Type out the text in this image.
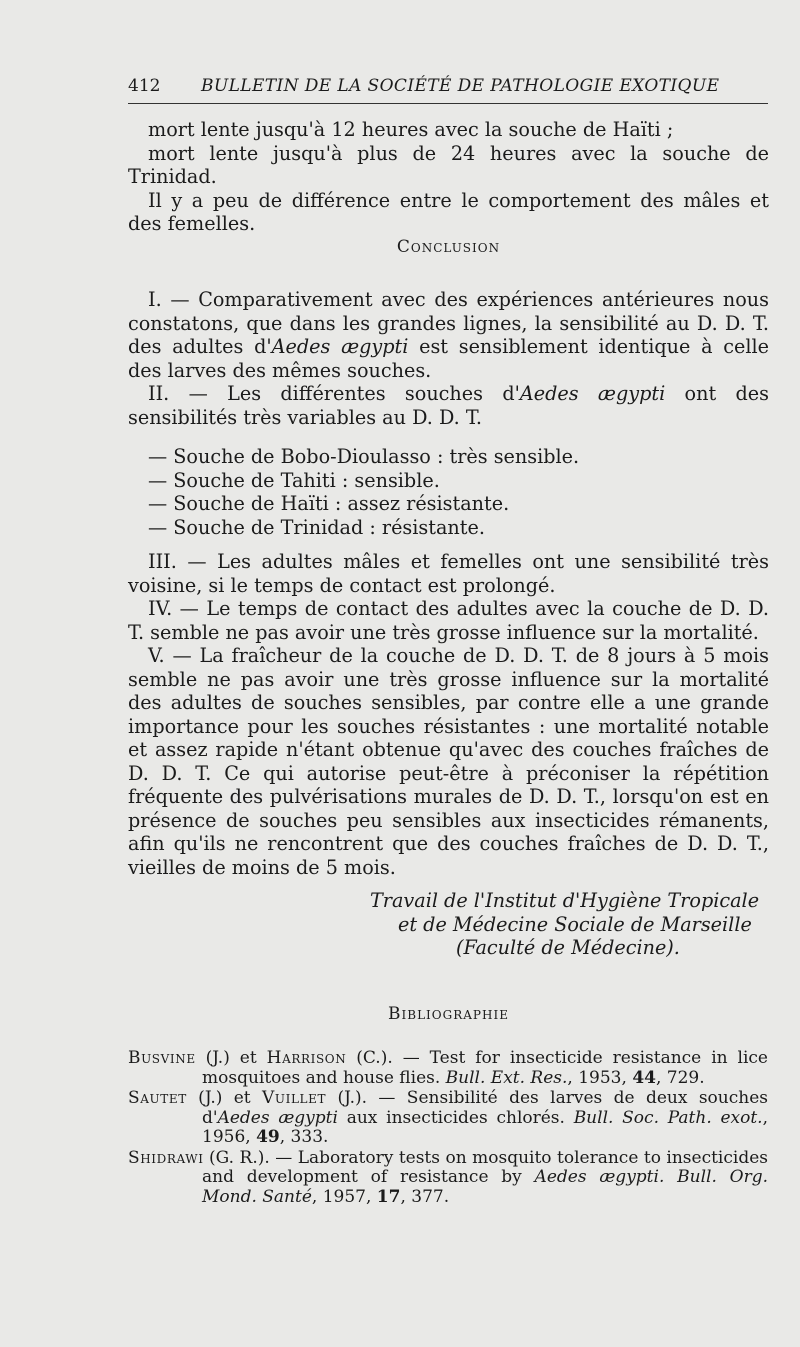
412 BULLETIN DE LA SOCIÉTÉ DE PATHOLOGIE EXOTIQUE

mort lente jusqu'à 12 heures avec la souche de Haïti ;

mort lente jusqu'à plus de 24 heures avec la souche de Trinidad.

Il y a peu de différence entre le comportement des mâles et des femelles.

Conclusion

I. — Comparativement avec des expériences antérieures nous constatons, que dans les grandes lignes, la sensibilité au D. D. T. des adultes d'Aedes ægypti est sensiblement identique à celle des larves des mêmes souches.

II. — Les différentes souches d'Aedes ægypti ont des sensibilités très variables au D. D. T.

— Souche de Bobo-Dioulasso : très sensible.

— Souche de Tahiti : sensible.

— Souche de Haïti : assez résistante.

— Souche de Trinidad : résistante.

III. — Les adultes mâles et femelles ont une sensibilité très voisine, si le temps de contact est prolongé.

IV. — Le temps de contact des adultes avec la couche de D. D. T. semble ne pas avoir une très grosse influence sur la mortalité.

V. — La fraîcheur de la couche de D. D. T. de 8 jours à 5 mois semble ne pas avoir une très grosse influence sur la mortalité des adultes de souches sensibles, par contre elle a une grande importance pour les souches résistantes : une mortalité notable et assez rapide n'étant obtenue qu'avec des couches fraîches de D. D. T. Ce qui autorise peut-être à préconiser la répétition fréquente des pulvérisations murales de D. D. T., lorsqu'on est en présence de souches peu sensibles aux insecticides rémanents, afin qu'ils ne rencontrent que des couches fraîches de D. D. T., vieilles de moins de 5 mois.

Travail de l'Institut d'Hygiène Tropicale
et de Médecine Sociale de Marseille
(Faculté de Médecine).

Bibliographie

Busvine (J.) et Harrison (C.). — Test for insecticide resistance in lice mosquitoes and house flies. Bull. Ext. Res., 1953, 44, 729.

Sautet (J.) et Vuillet (J.). — Sensibilité des larves de deux souches d'Aedes ægypti aux insecticides chlorés. Bull. Soc. Path. exot., 1956, 49, 333.

Shidrawi (G. R.). — Laboratory tests on mosquito tolerance to insecticides and development of resistance by Aedes ægypti. Bull. Org. Mond. Santé, 1957, 17, 377.
